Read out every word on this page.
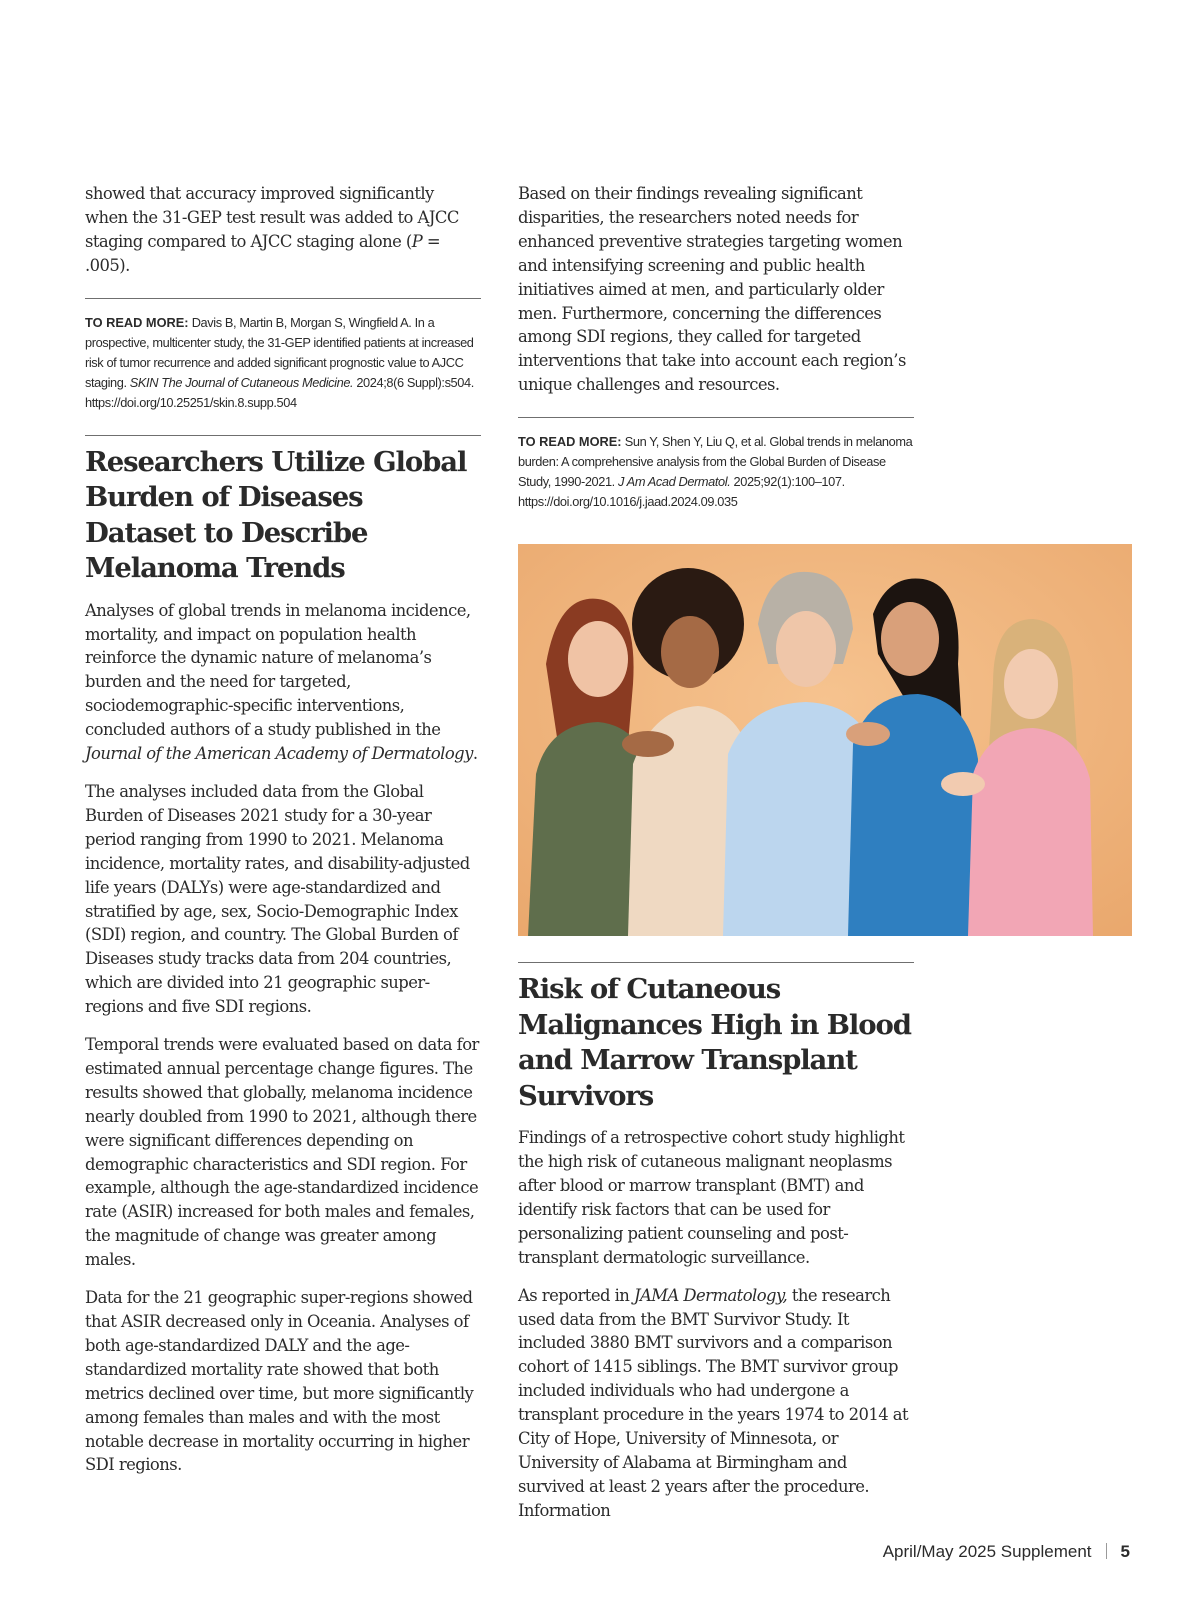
showed that accuracy improved significantly when the 31-GEP test result was added to AJCC staging compared to AJCC staging alone (P = .005).

TO READ MORE: Davis B, Martin B, Morgan S, Wingfield A. In a prospective, multicenter study, the 31-GEP identified patients at increased risk of tumor recurrence and added significant prognostic value to AJCC staging. SKIN The Journal of Cutaneous Medicine. 2024;8(6 Suppl):s504. https://doi.org/10.25251/skin.8.supp.504

Researchers Utilize Global Burden of Diseases Dataset to Describe Melanoma Trends

Analyses of global trends in melanoma incidence, mortality, and impact on population health reinforce the dynamic nature of melanoma’s burden and the need for targeted, sociodemographic-specific interventions, concluded authors of a study published in the Journal of the American Academy of Dermatology.

The analyses included data from the Global Burden of Diseases 2021 study for a 30-year period ranging from 1990 to 2021. Melanoma incidence, mortality rates, and disability-adjusted life years (DALYs) were age-standardized and stratified by age, sex, Socio-Demographic Index (SDI) region, and country. The Global Burden of Diseases study tracks data from 204 countries, which are divided into 21 geographic super-regions and five SDI regions.

Temporal trends were evaluated based on data for estimated annual percentage change figures. The results showed that globally, melanoma incidence nearly doubled from 1990 to 2021, although there were significant differences depending on demographic characteristics and SDI region. For example, although the age-standardized incidence rate (ASIR) increased for both males and females, the magnitude of change was greater among males.

Data for the 21 geographic super-regions showed that ASIR decreased only in Oceania. Analyses of both age-standardized DALY and the age-standardized mortality rate showed that both metrics declined over time, but more significantly among females than males and with the most notable decrease in mortality occurring in higher SDI regions.

Based on their findings revealing significant disparities, the researchers noted needs for enhanced preventive strategies targeting women and intensifying screening and public health initiatives aimed at men, and particularly older men. Furthermore, concerning the differences among SDI regions, they called for targeted interventions that take into account each region’s unique challenges and resources.

TO READ MORE: Sun Y, Shen Y, Liu Q, et al. Global trends in melanoma burden: A comprehensive analysis from the Global Burden of Disease Study, 1990-2021. J Am Acad Dermatol. 2025;92(1):100–107. https://doi.org/10.1016/j.jaad.2024.09.035

Risk of Cutaneous Malignances High in Blood and Marrow Transplant Survivors

Findings of a retrospective cohort study highlight the high risk of cutaneous malignant neoplasms after blood or marrow transplant (BMT) and identify risk factors that can be used for personalizing patient counseling and post-transplant dermatologic surveillance.

As reported in JAMA Dermatology, the research used data from the BMT Survivor Study. It included 3880 BMT survivors and a comparison cohort of 1415 siblings. The BMT survivor group included individuals who had undergone a transplant procedure in the years 1974 to 2014 at City of Hope, University of Minnesota, or University of Alabama at Birmingham and survived at least 2 years after the procedure. Information

April/May 2025 Supplement 5
